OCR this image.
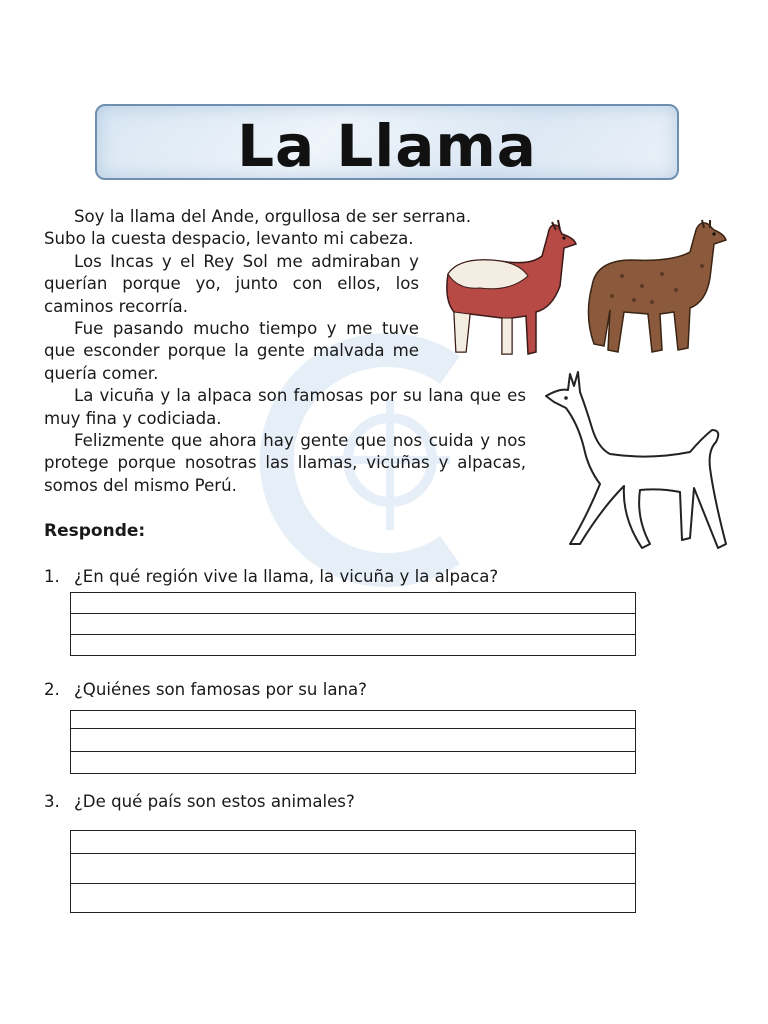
La Llama

Soy la llama del Ande, orgullosa de ser serrana.

Subo la cuesta despacio, levanto mi cabeza.

Los Incas y el Rey Sol me admiraban y querían porque yo, junto con ellos, los caminos recorría.

Fue pasando mucho tiempo y me tuve que esconder porque la gente malvada me quería comer.

La vicuña y la alpaca son famosas por su lana que es muy fina y codiciada.

Felizmente que ahora hay gente que nos cuida y nos protege porque nosotras las llamas, vicuñas y alpacas, somos del mismo Perú.

Responde:
1. ¿En qué región vive la llama, la vicuña y la alpaca?
2. ¿Quiénes son famosas por su lana?
3. ¿De qué país son estos animales?
